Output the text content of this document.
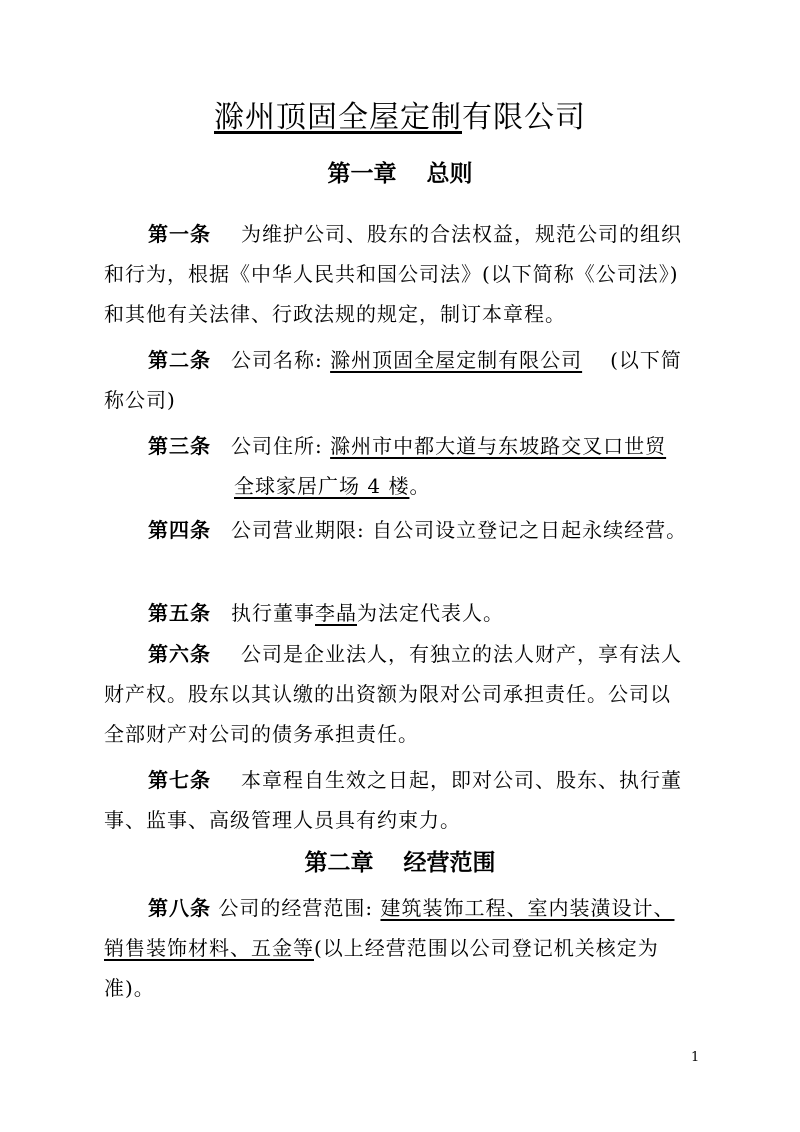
滁州顶固全屋定制有限公司
第一章 总则
第一条 为维护公司、股东的合法权益，规范公司的组织
和行为，根据《中华人民共和国公司法》(以下简称《公司法》)
和其他有关法律、行政法规的规定，制订本章程。
第二条 公司名称: 滁州顶固全屋定制有限公司 (以下简
称公司)
第三条 公司住所: 滁州市中都大道与东坡路交叉口世贸
全球家居广场 4 楼。
第四条 公司营业期限: 自公司设立登记之日起永续经营。
第五条 执行董事李晶为法定代表人。
第六条 公司是企业法人，有独立的法人财产，享有法人
财产权。股东以其认缴的出资额为限对公司承担责任。公司以
全部财产对公司的债务承担责任。
第七条 本章程自生效之日起，即对公司、股东、执行董
事、监事、高级管理人员具有约束力。
第二章 经营范围
第八条 公司的经营范围: 建筑装饰工程、室内装潢设计、
销售装饰材料、五金等(以上经营范围以公司登记机关核定为
准)。
1
